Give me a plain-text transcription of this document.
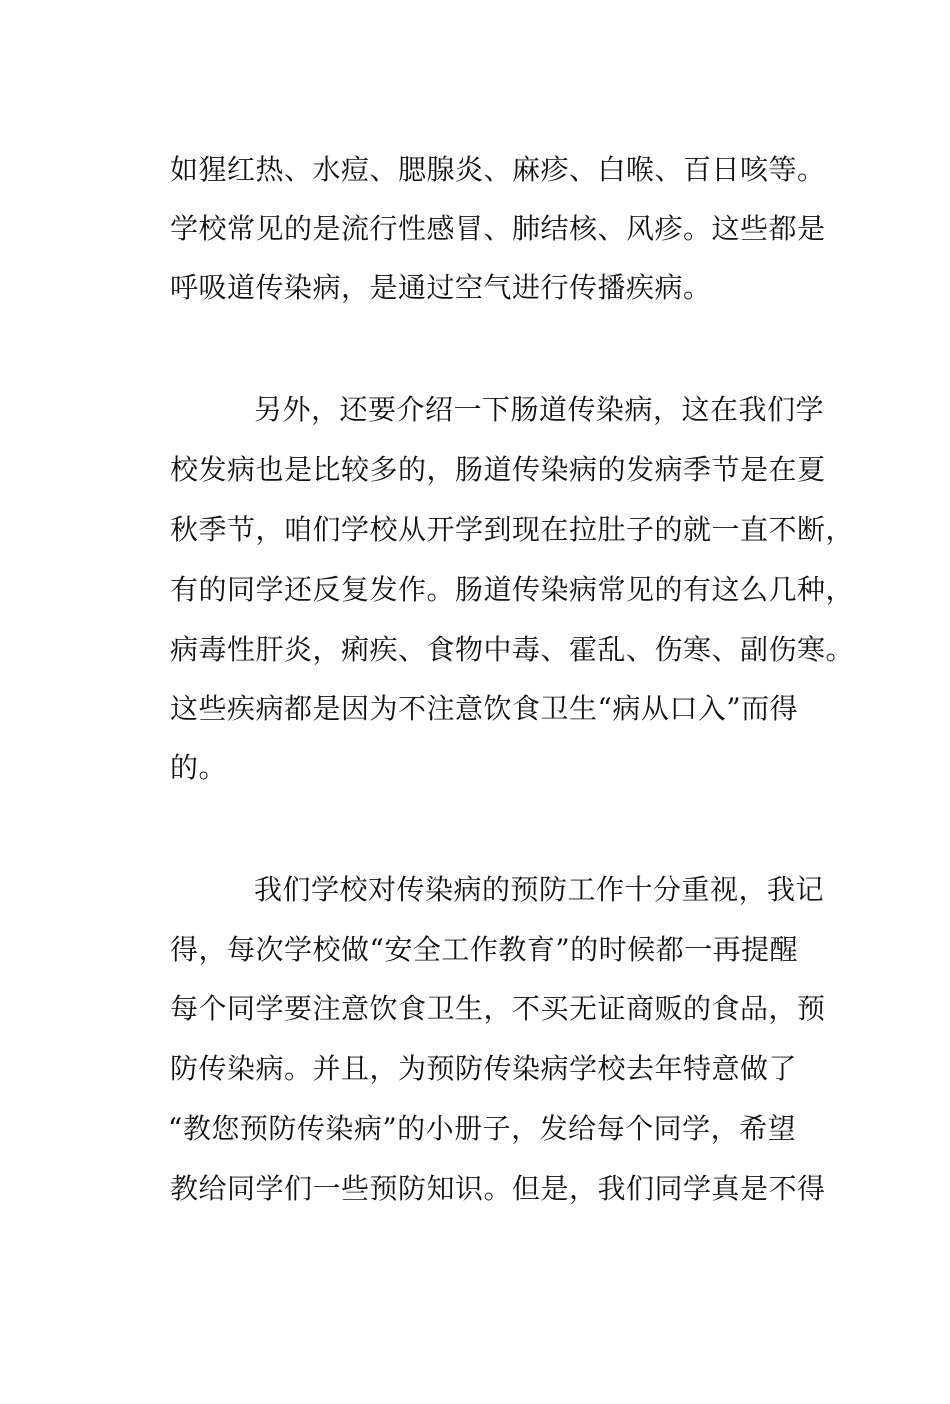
如猩红热、水痘、腮腺炎、麻疹、白喉、百日咳等。
学校常见的是流行性感冒、肺结核、风疹。这些都是
呼吸道传染病，是通过空气进行传播疾病。
另外，还要介绍一下肠道传染病，这在我们学
校发病也是比较多的，肠道传染病的发病季节是在夏
秋季节，咱们学校从开学到现在拉肚子的就一直不断，
有的同学还反复发作。肠道传染病常见的有这么几种，
病毒性肝炎，痢疾、食物中毒、霍乱、伤寒、副伤寒。
这些疾病都是因为不注意饮食卫生“病从口入”而得
的。
我们学校对传染病的预防工作十分重视，我记
得，每次学校做“安全工作教育”的时候都一再提醒
每个同学要注意饮食卫生，不买无证商贩的食品，预
防传染病。并且，为预防传染病学校去年特意做了
“教您预防传染病”的小册子，发给每个同学，希望
教给同学们一些预防知识。但是，我们同学真是不得
